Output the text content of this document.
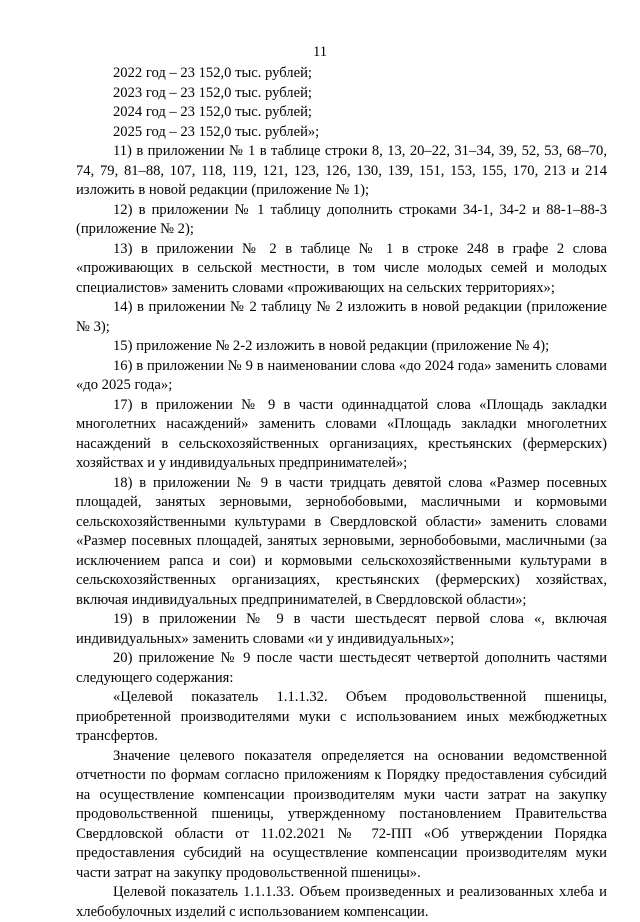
11

2022 год – 23 152,0 тыс. рублей;

2023 год – 23 152,0 тыс. рублей;

2024 год – 23 152,0 тыс. рублей;

2025 год – 23 152,0 тыс. рублей»;

11) в приложении № 1 в таблице строки 8, 13, 20–22, 31–34, 39, 52, 53, 68–70, 74, 79, 81–88, 107, 118, 119, 121, 123, 126, 130, 139, 151, 153, 155, 170, 213 и 214 изложить в новой редакции (приложение № 1);

12) в приложении № 1 таблицу дополнить строками 34-1, 34-2 и 88-1–88-3 (приложение № 2);

13) в приложении № 2 в таблице № 1 в строке 248 в графе 2 слова «проживающих в сельской местности, в том числе молодых семей и молодых специалистов» заменить словами «проживающих на сельских территориях»;

14) в приложении № 2 таблицу № 2 изложить в новой редакции (приложение № 3);

15) приложение № 2-2 изложить в новой редакции (приложение № 4);

16) в приложении № 9 в наименовании слова «до 2024 года» заменить словами «до 2025 года»;

17) в приложении № 9 в части одиннадцатой слова «Площадь закладки многолетних насаждений» заменить словами «Площадь закладки многолетних насаждений в сельскохозяйственных организациях, крестьянских (фермерских) хозяйствах и у индивидуальных предпринимателей»;

18) в приложении № 9 в части тридцать девятой слова «Размер посевных площадей, занятых зерновыми, зернобобовыми, масличными и кормовыми сельскохозяйственными культурами в Свердловской области» заменить словами «Размер посевных площадей, занятых зерновыми, зернобобовыми, масличными (за исключением рапса и сои) и кормовыми сельскохозяйственными культурами в сельскохозяйственных организациях, крестьянских (фермерских) хозяйствах, включая индивидуальных предпринимателей, в Свердловской области»;

19) в приложении № 9 в части шестьдесят первой слова «, включая индивидуальных» заменить словами «и у индивидуальных»;

20) приложение № 9 после части шестьдесят четвертой дополнить частями следующего содержания:

«Целевой показатель 1.1.1.32. Объем продовольственной пшеницы, приобретенной производителями муки с использованием иных межбюджетных трансфертов.

Значение целевого показателя определяется на основании ведомственной отчетности по формам согласно приложениям к Порядку предоставления субсидий на осуществление компенсации производителям муки части затрат на закупку продовольственной пшеницы, утвержденному постановлением Правительства Свердловской области от 11.02.2021 № 72-ПП «Об утверждении Порядка предоставления субсидий на осуществление компенсации производителям муки части затрат на закупку продовольственной пшеницы».

Целевой показатель 1.1.1.33. Объем произведенных и реализованных хлеба и хлебобулочных изделий с использованием компенсации.
